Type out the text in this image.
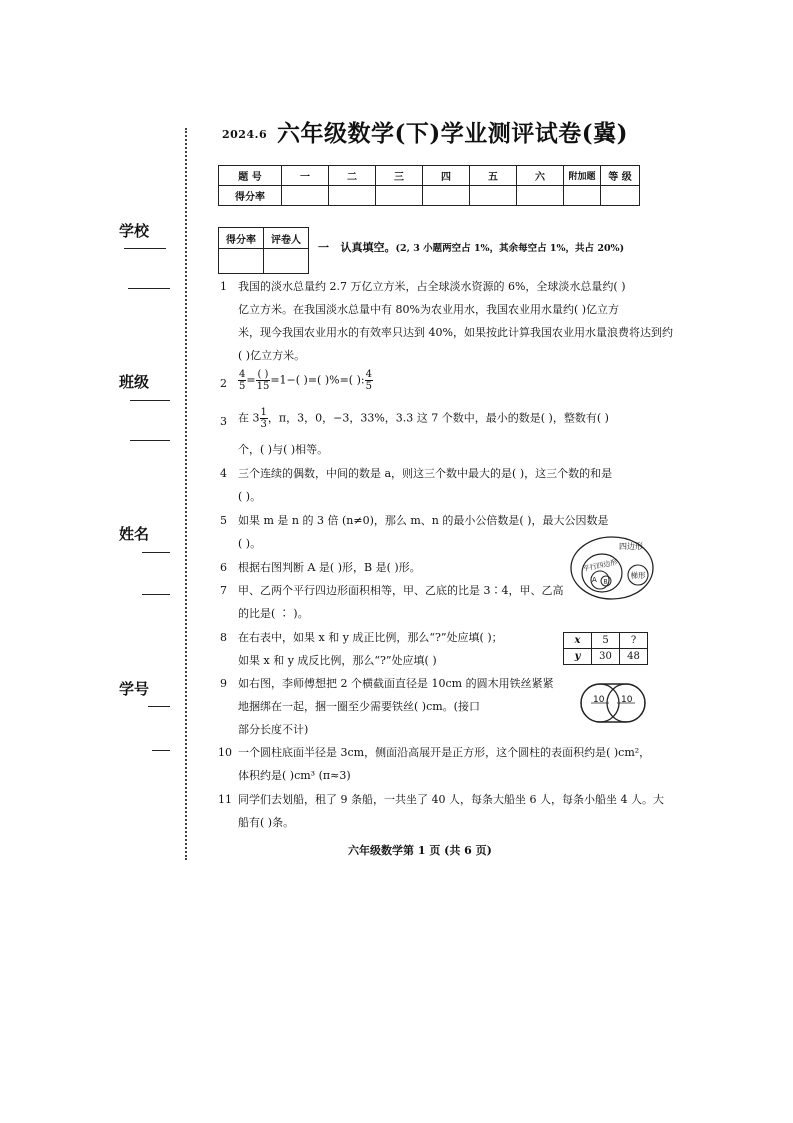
学校
班级
姓名
学号
2024.6 六年级数学(下)学业测评试卷(冀)
题 号	一	二	三	四	五	六	附加题	等 级
得分率								
得分率	评卷人

一 认真填空。(2, 3 小题两空占 1%，其余每空占 1%，共占 20%)
1 我国的淡水总量约 2.7 万亿立方米，占全球淡水资源的 6%，全球淡水总量约( )
亿立方米。在我国淡水总量中有 80%为农业用水，我国农业用水量约( )亿立方
米，现今我国农业用水的有效率只达到 40%，如果按此计算我国农业用水量浪费将达到约
( )亿立方米。
$2 \frac{4}{5} = \frac{( )}{15} =1-$( )=( )%=( ): $\frac{4}{5}$
3 在 $3 \frac{1}{3}$ ，π，3，0，−3，33%，3.3 这 7 个数中，最小的数是( )，整数有( )
个，( )与( )相等。
4 三个连续的偶数，中间的数是 a，则这三个数中最大的是( )，这三个数的和是
( )。
5 如果 m 是 n 的 3 倍 (n≠0)，那么 m、n 的最小公倍数是( )，最大公因数是
( )。
6 根据右图判断 A 是( )形，B 是( )形。
四边形
平行四边形
A B
梯形
7 甲、乙两个平行四边形面积相等，甲、乙底的比是 3∶4，甲、乙高
的比是( ∶ )。
8 在右表中，如果 x 和 y 成正比例，那么“?”处应填( )；
如果 x 和 y 成反比例，那么“?”处应填( )
x	5	?
y	30	48
9 如右图，李师傅想把 2 个横截面直径是 10cm 的圆木用铁丝紧紧
地捆绑在一起，捆一圈至少需要铁丝( )cm。(接口
部分长度不计)
10 10
10 一个圆柱底面半径是 3cm，侧面沿高展开是正方形，这个圆柱的表面积约是( )cm²，
体积约是( )cm³ (π≈3)
11 同学们去划船，租了 9 条船，一共坐了 40 人，每条大船坐 6 人，每条小船坐 4 人。大
船有( )条。
六年级数学第 1 页 (共 6 页)
